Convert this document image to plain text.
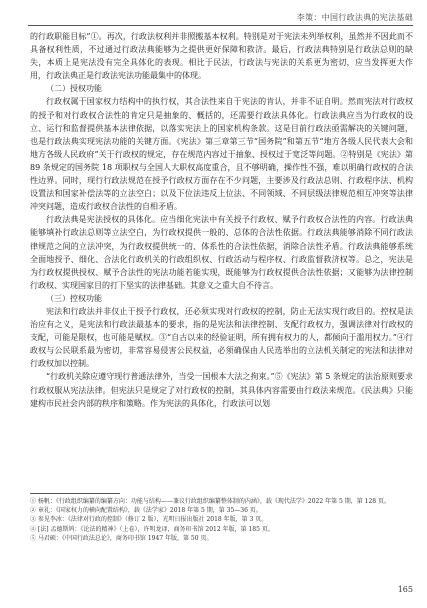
李策：中国行政法典的宪法基础

的行政职能目标”①。再次，行政法权利并非照搬基本权利。特别是对于宪法未列举权利，虽然并不因此而不具备权利性质，不过通过行政法典能够为之提供更好保障和救济。最后，行政法典特别是行政法总则的缺失，本质上是宪法没有完全具体化的表现。相比于民法，行政法与宪法的关系更为密切，应当发挥更大作用，行政法典正是行政法宪法功能最集中的体现。

（二）授权功能

行政权属于国家权力结构中的执行权，其合法性来自于宪法的肯认，并非不证自明。然而宪法对行政权的授予和对行政权合法性的肯定只是抽象的、概括的，还需要行政法具体化。行政法典应当为行政权的设立、运行和监督提供基本法律依据，以落实宪法上的国家机构条款。这是目前行政法亟需解决的关键问题，也是行政法典实现宪法功能的关键方面。《宪法》第三章第三节“国务院”和第五节“地方各级人民代表大会和地方各级人民政府”关于行政权的规定，存在规范内容过于抽象、授权过于宽泛等问题。②特别是《宪法》第 89 条规定的国务院 18 项职权与全国人大职权高度重合，且不够明确，操作性不强，难以明确行政权的合法性边界。同时，现行行政法规范在授予行政权方面存在不少问题，主要涉及行政法总则、行政程序法、机构设置法和国家补偿法等的立法空白；以及下位法违反上位法、不同领域、不同层级法律规范相互冲突等法律冲突问题，造成行政权合法性的自相矛盾。

行政法典是宪法授权的具体化。应当细化宪法中有关授予行政权、赋予行政权合法性的内容。行政法典能够填补行政法总则等立法空白，为行政权提供一般的、总体的合法性依据。行政法典能够消除不同行政法律规范之间的立法冲突，为行政权提供统一的、体系性的合法性依据，消除合法性矛盾。行政法典能够系统全面地授予、细化、合法化行政机关的行政组织权、行政活动与程序权、行政监督救济权等。总之，宪法是为行政权提供授权、赋予合法性的宪法功能若能实现，既能够为行政权提供合法性依据；又能够为法律控制行政权、实现国家目的打下坚实的法律基础。其意义之重大自不待言。

（三）控权功能

宪法和行政法并非仅止于授予行政权，还必须实现对行政权的控制，防止无法实现行政目的。控权是法治应有之义，是宪法和行政法最基本的要求，指的是宪法和法律控制、支配行政权力，强调法律对行政权的支配，可能是限权，也可能是赋权。③“自古以来的经验证明，所有拥有权力的人，都倾向于滥用权力。”④行政权与公民联系最为密切，非常容易侵害公民权益，必须确保由人民选举出的立法机关制定的宪法和法律对行政权加以控制。

“行政机关除应遵守现行普通法律外，当受一国根本大法之拘束。”⑤《宪法》第 5 条规定的法治原则要求行政权服从宪法法律。但宪法只是规定了对行政权的控制，其具体内容需要由行政法来规范。《民法典》只能建构市民社会内部的秩序和策略。作为宪法的具体化，行政法可以划

① 杨帆：《行政组织编纂的编纂方向：功能与结构——兼议行政组织编纂整体制的内涵》，载《现代法学》2022 年第 5 期，第 128 页。
② 章礼：《国家权力的横向配置结构》，载《法学家》2018 年第 5 期，第 35—36 页。
③ 参见李冰：《法律对行政的控制》（修订 2 版），光明日报出版社 2018 年版，第 3 页。
④ [法] 孟德斯鸠：《论法的精神》（上卷），许明龙译，商务印书馆 2012 年版，第 185 页。
⑤ 马君硕：《中国行政法总论》，商务印书馆 1947 年版，第 50 页。
165
